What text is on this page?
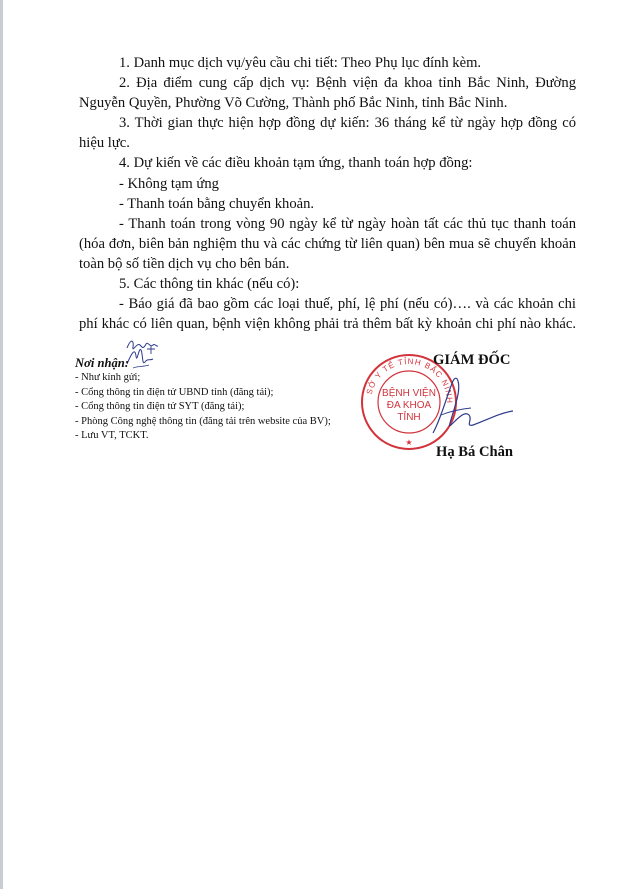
1. Danh mục dịch vụ/yêu cầu chi tiết: Theo Phụ lục đính kèm.

2. Địa điểm cung cấp dịch vụ: Bệnh viện đa khoa tỉnh Bắc Ninh, Đường Nguyễn Quyền, Phường Võ Cường, Thành phố Bắc Ninh, tỉnh Bắc Ninh.

3. Thời gian thực hiện hợp đồng dự kiến: 36 tháng kể từ ngày hợp đồng có hiệu lực.

4. Dự kiến về các điều khoản tạm ứng, thanh toán hợp đồng:

- Không tạm ứng

- Thanh toán bằng chuyển khoản.

- Thanh toán trong vòng 90 ngày kể từ ngày hoàn tất các thủ tục thanh toán (hóa đơn, biên bản nghiệm thu và các chứng từ liên quan) bên mua sẽ chuyển khoản toàn bộ số tiền dịch vụ cho bên bán.

5. Các thông tin khác (nếu có):

- Báo giá đã bao gồm các loại thuế, phí, lệ phí (nếu có)…. và các khoản chi phí khác có liên quan, bệnh viện không phải trả thêm bất kỳ khoản chi phí nào khác.

Nơi nhận:
- Như kính gửi;
- Cổng thông tin điện tử UBND tỉnh (đăng tải);
- Cổng thông tin điện tử SYT (đăng tải);
- Phòng Công nghệ thông tin (đăng tải trên website của BV);
- Lưu VT, TCKT.
SỞ Y TẾ TỈNH BẮC NINH
BỆNH VIỆN
ĐA KHOA
TỈNH
★
GIÁM ĐỐC
Hạ Bá Chân
